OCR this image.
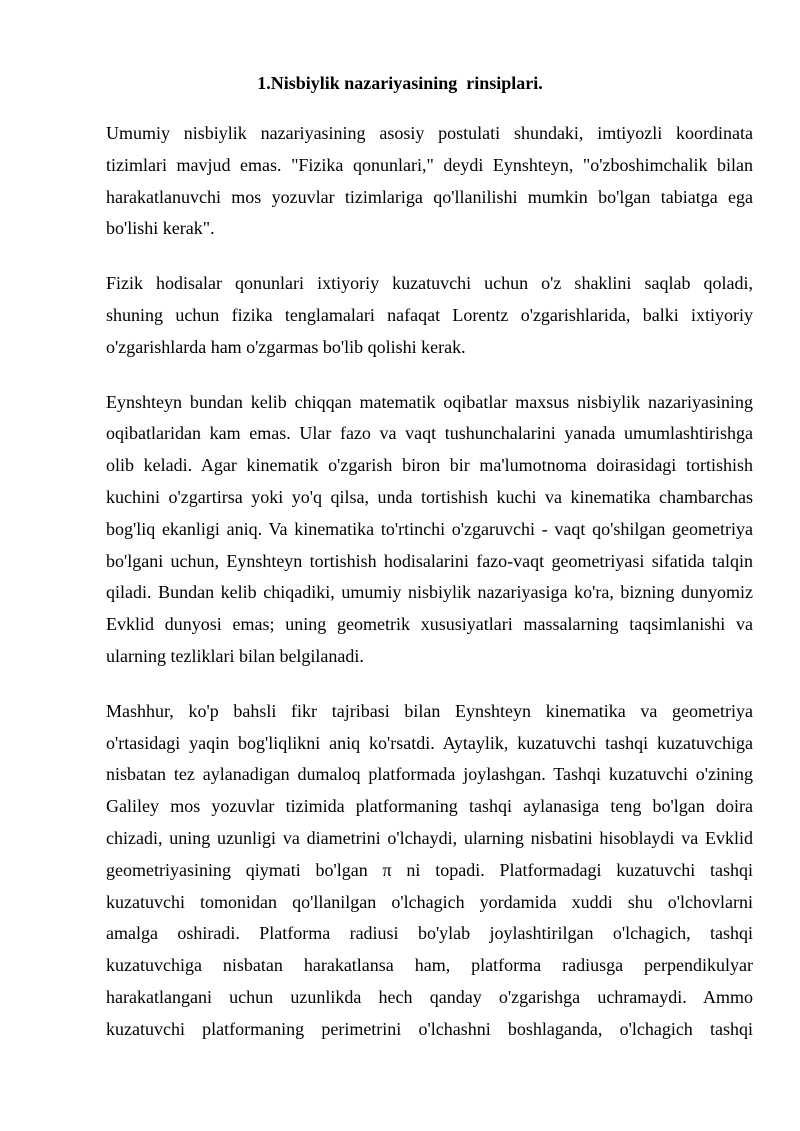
1.Nisbiylik nazariyasining  rinsiplari.

Umumiy nisbiylik nazariyasining asosiy postulati shundaki, imtiyozli koordinata
tizimlari mavjud emas. "Fizika qonunlari," deydi Eynshteyn, "o'zboshimchalik bilan
harakatlanuvchi mos yozuvlar tizimlariga qo'llanilishi mumkin bo'lgan tabiatga ega
bo'lishi kerak".

Fizik hodisalar qonunlari ixtiyoriy kuzatuvchi uchun o'z shaklini saqlab qoladi,
shuning uchun fizika tenglamalari nafaqat Lorentz o'zgarishlarida, balki ixtiyoriy
o'zgarishlarda ham o'zgarmas bo'lib qolishi kerak.

Eynshteyn bundan kelib chiqqan matematik oqibatlar maxsus nisbiylik nazariyasining
oqibatlaridan kam emas. Ular fazo va vaqt tushunchalarini yanada umumlashtirishga
olib keladi. Agar kinematik o'zgarish biron bir ma'lumotnoma doirasidagi tortishish
kuchini o'zgartirsa yoki yo'q qilsa, unda tortishish kuchi va kinematika chambarchas
bog'liq ekanligi aniq. Va kinematika to'rtinchi o'zgaruvchi - vaqt qo'shilgan geometriya
bo'lgani uchun, Eynshteyn tortishish hodisalarini fazo-vaqt geometriyasi sifatida talqin
qiladi. Bundan kelib chiqadiki, umumiy nisbiylik nazariyasiga ko'ra, bizning dunyomiz
Evklid dunyosi emas; uning geometrik xususiyatlari massalarning taqsimlanishi va
ularning tezliklari bilan belgilanadi.

Mashhur, ko'p bahsli fikr tajribasi bilan Eynshteyn kinematika va geometriya
o'rtasidagi yaqin bog'liqlikni aniq ko'rsatdi. Aytaylik, kuzatuvchi tashqi kuzatuvchiga
nisbatan tez aylanadigan dumaloq platformada joylashgan. Tashqi kuzatuvchi o'zining
Galiley mos yozuvlar tizimida platformaning tashqi aylanasiga teng bo'lgan doira
chizadi, uning uzunligi va diametrini o'lchaydi, ularning nisbatini hisoblaydi va Evklid
geometriyasining qiymati bo'lgan π ni topadi. Platformadagi kuzatuvchi tashqi
kuzatuvchi tomonidan qo'llanilgan o'lchagich yordamida xuddi shu o'lchovlarni
amalga oshiradi. Platforma radiusi bo'ylab joylashtirilgan o'lchagich, tashqi
kuzatuvchiga nisbatan harakatlansa ham, platforma radiusga perpendikulyar
harakatlangani uchun uzunlikda hech qanday o'zgarishga uchramaydi. Ammo
kuzatuvchi platformaning perimetrini o'lchashni boshlaganda, o'lchagich tashqi
